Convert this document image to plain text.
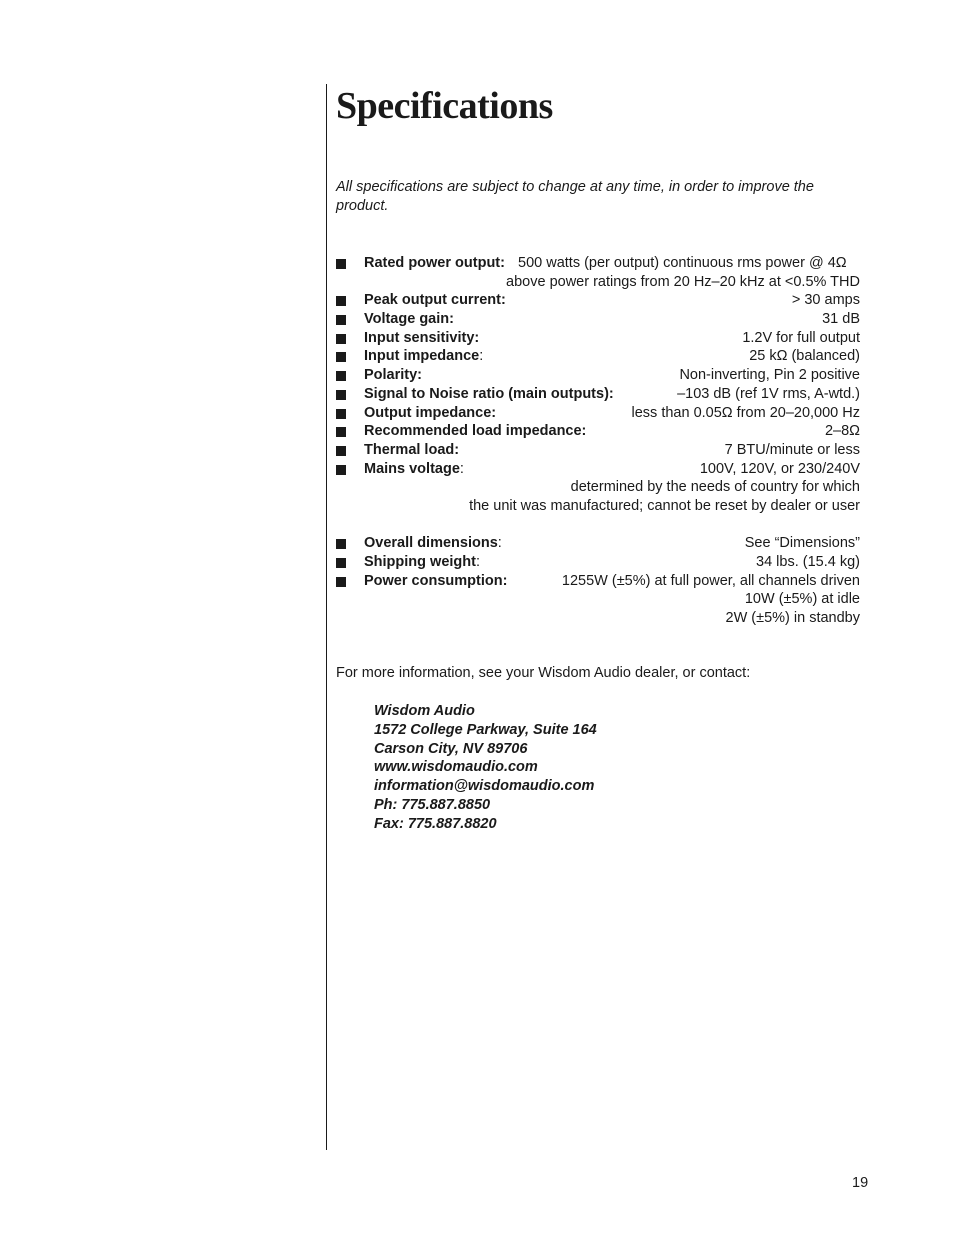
Specifications
All specifications are subject to change at any time, in order to improve the product.
Rated power output: 500 watts (per output) continuous rms power @ 4Ω
above power ratings from 20 Hz–20 kHz at <0.5% THD
Peak output current:	> 30 amps
Voltage gain:	31 dB
Input sensitivity:	1.2V for full output
Input impedance:	25 kΩ (balanced)
Polarity:	Non-inverting, Pin 2 positive
Signal to Noise ratio (main outputs):	–103 dB (ref 1V rms, A-wtd.)
Output impedance:	less than 0.05Ω from 20–20,000 Hz
Recommended load impedance:	2–8Ω
Thermal load:	7 BTU/minute or less
Mains voltage:	100V, 120V, or 230/240V
determined by the needs of country for which
the unit was manufactured; cannot be reset by dealer or user
Overall dimensions:	See “Dimensions”
Shipping weight:	34 lbs. (15.4 kg)
Power consumption:	1255W (±5%) at full power, all channels driven
10W (±5%) at idle
2W (±5%) in standby
For more information, see your Wisdom Audio dealer, or contact:
Wisdom Audio
1572 College Parkway, Suite 164
Carson City, NV 89706
www.wisdomaudio.com
information@wisdomaudio.com
Ph: 775.887.8850
Fax: 775.887.8820
19
